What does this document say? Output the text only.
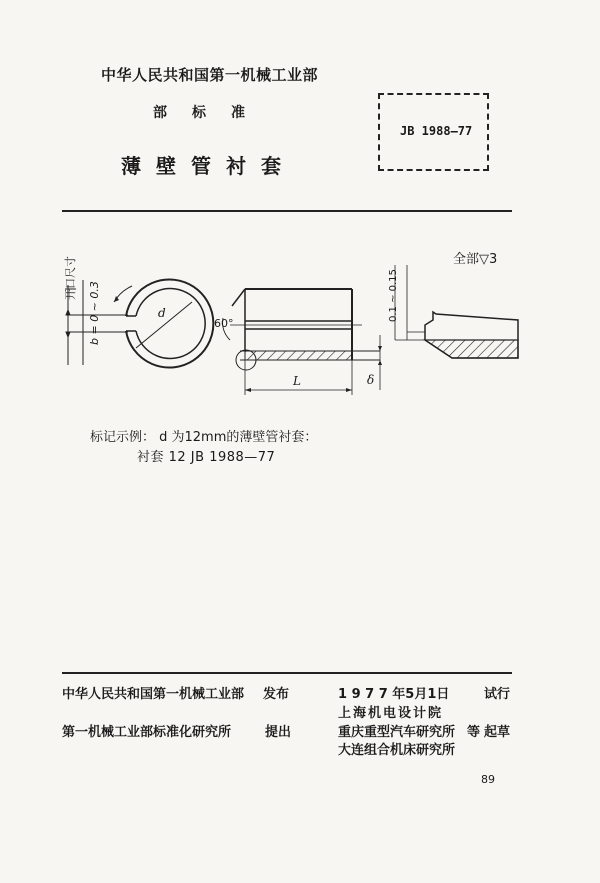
中华人民共和国第一机械工业部
部标准
薄壁管衬套
JB 1988—77
全部▽3
开口尺寸
b = 0 ~ 0.3	d
60°
L	δ
0.1 ~ 0.15
标记示例： d 为12mm的薄壁管衬套：
衬套 12 JB 1988—77
中华人民共和国第一机械工业部 发布	1 9 7 7 年5月1日	试行
上海机电设计院
第一机械工业部标准化研究所	提出	重庆重型汽车研究所 等 起草
大连组合机床研究所
89
